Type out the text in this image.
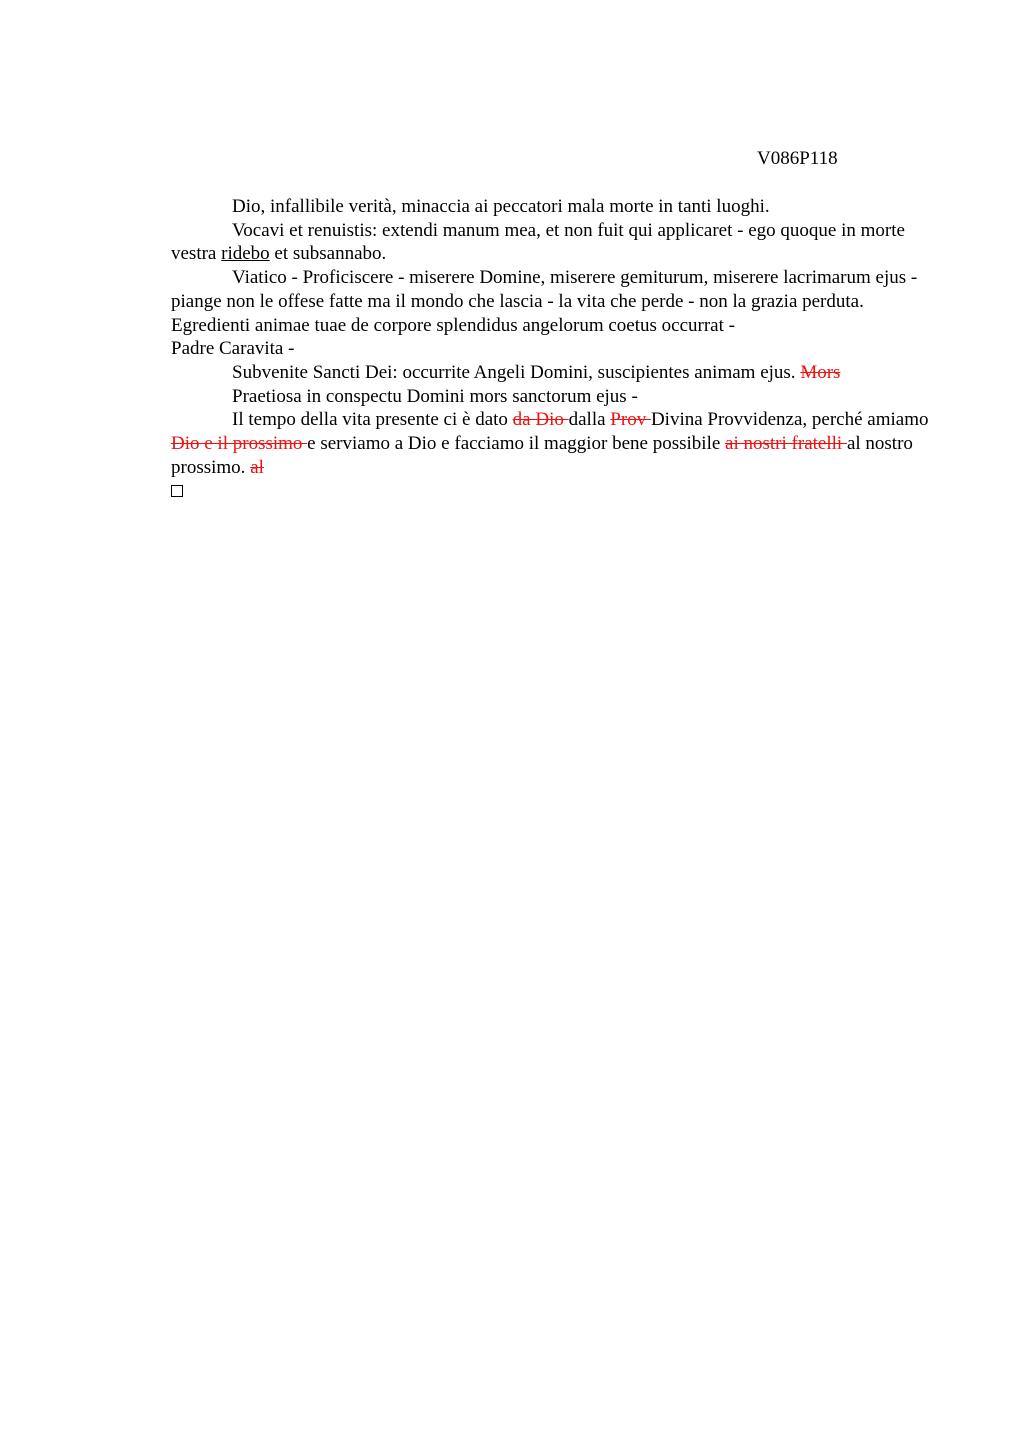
V086P118

Dio, infallibile verità, minaccia ai peccatori mala morte in tanti luoghi.

Vocavi et renuistis: extendi manum mea, et non fuit qui applicaret - ego quoque in morte vestra ridebo et subsannabo.

Viatico - Proficiscere - miserere Domine, miserere gemiturum, miserere lacrimarum ejus -

piange non le offese fatte ma il mondo che lascia - la vita che perde - non la grazia perduta.

Egredienti animae tuae de corpore splendidus angelorum coetus occurrat -

Padre Caravita -

Subvenite Sancti Dei: occurrite Angeli Domini, suscipientes animam ejus. Mors

Praetiosa in conspectu Domini mors sanctorum ejus -

Il tempo della vita presente ci è dato da Dio dalla Prov Divina Provvidenza, perché amiamo Dio e il prossimo e serviamo a Dio e facciamo il maggior bene possibile ai nostri fratelli al nostro prossimo. al
